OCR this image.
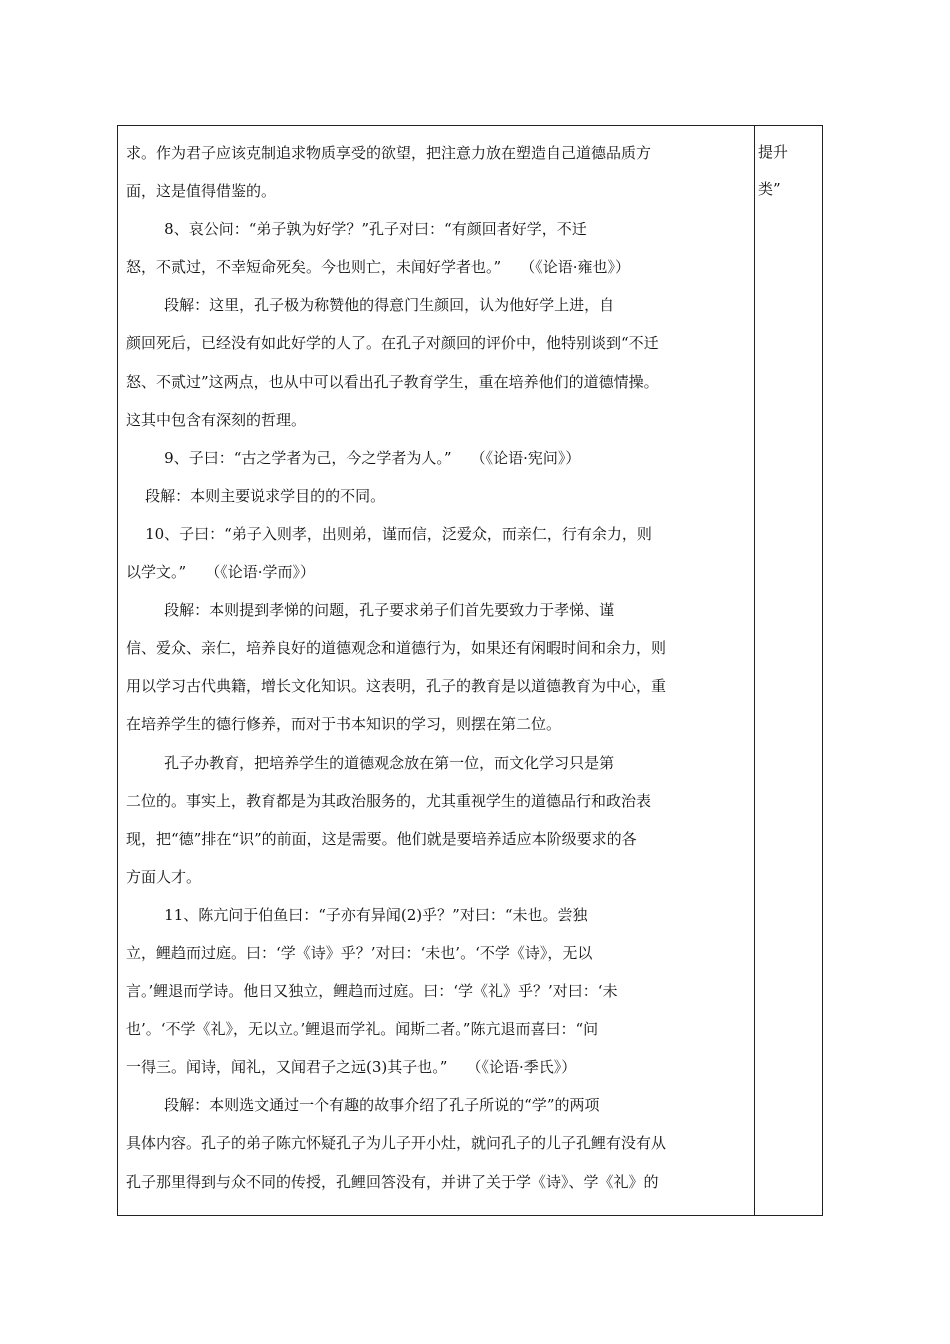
求。作为君子应该克制追求物质享受的欲望，把注意力放在塑造自己道德品质方

面，这是值得借鉴的。

8、哀公问：“弟子孰为好学？”孔子对曰：“有颜回者好学，不迁

怒，不贰过，不幸短命死矣。今也则亡，未闻好学者也。”    （《论语·雍也》）

段解：这里，孔子极为称赞他的得意门生颜回，认为他好学上进，自

颜回死后，已经没有如此好学的人了。在孔子对颜回的评价中，他特别谈到“不迁

怒、不贰过”这两点，也从中可以看出孔子教育学生，重在培养他们的道德情操。

这其中包含有深刻的哲理。

9、子曰：“古之学者为己，今之学者为人。”    （《论语·宪问》）

段解：本则主要说求学目的的不同。

10、子曰：“弟子入则孝，出则弟，谨而信，泛爱众，而亲仁，行有余力，则

以学文。”    （《论语·学而》）

段解：本则提到孝悌的问题，孔子要求弟子们首先要致力于孝悌、谨

信、爱众、亲仁，培养良好的道德观念和道德行为，如果还有闲暇时间和余力，则

用以学习古代典籍，增长文化知识。这表明，孔子的教育是以道德教育为中心，重

在培养学生的德行修养，而对于书本知识的学习，则摆在第二位。

孔子办教育，把培养学生的道德观念放在第一位，而文化学习只是第

二位的。事实上，教育都是为其政治服务的，尤其重视学生的道德品行和政治表

现，把“德”排在“识”的前面，这是需要。他们就是要培养适应本阶级要求的各

方面人才。

11、陈亢问于伯鱼曰：“子亦有异闻(2)乎？”对曰：“未也。尝独

立，鲤趋而过庭。曰：‘学《诗》乎？’对曰：‘未也’。‘不学《诗》，无以

言。’鲤退而学诗。他日又独立，鲤趋而过庭。曰：‘学《礼》乎？’对曰：‘未

也’。‘不学《礼》，无以立。’鲤退而学礼。闻斯二者。”陈亢退而喜曰：“问

一得三。闻诗，闻礼，又闻君子之远(3)其子也。”    （《论语·季氏》）

段解：本则选文通过一个有趣的故事介绍了孔子所说的“学”的两项

具体内容。孔子的弟子陈亢怀疑孔子为儿子开小灶，就问孔子的儿子孔鲤有没有从

孔子那里得到与众不同的传授，孔鲤回答没有，并讲了关于学《诗》、学《礼》的

提升

类”
